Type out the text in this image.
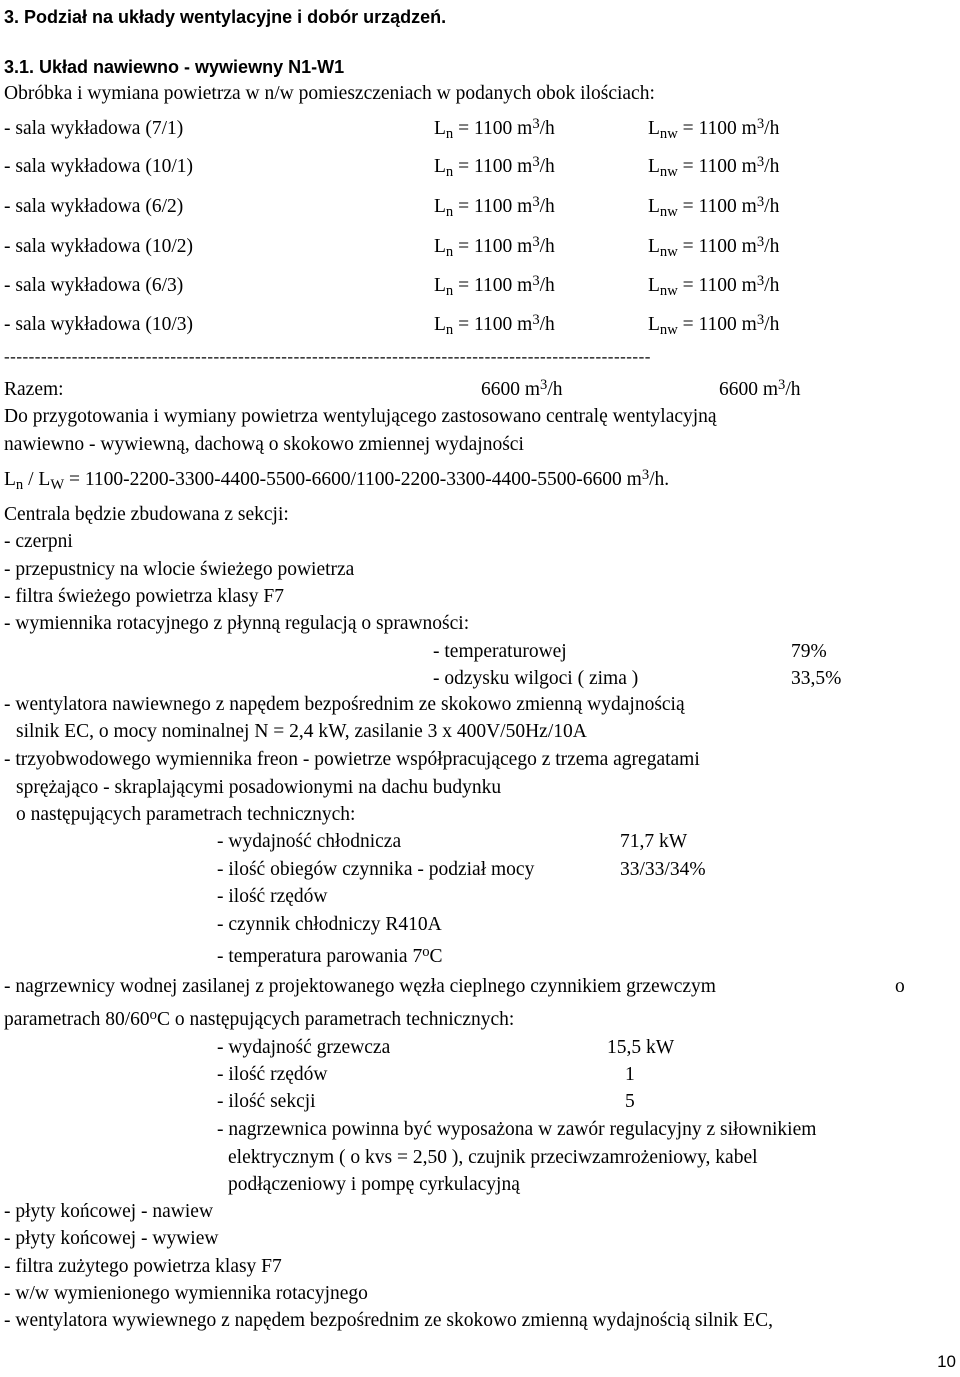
3. Podział na układy wentylacyjne i dobór urządzeń.
3.1. Układ nawiewno - wywiewny N1-W1
Obróbka i wymiana powietrza w n/w pomieszczeniach w podanych obok ilościach:
- sala wykładowa (7/1)	$L_n = 1100$ $m^3/h$	$L_{nw} = 1100$ $m^3/h$
- sala wykładowa (10/1)	$L_n = 1100$ $m^3/h$	$L_{nw} = 1100$ $m^3/h$
- sala wykładowa (6/2)	$L_n = 1100$ $m^3/h$	$L_{nw} = 1100$ $m^3/h$
- sala wykładowa (10/2)	$L_n = 1100$ $m^3/h$	$L_{nw} = 1100$ $m^3/h$
- sala wykładowa (6/3)	$L_n = 1100$ $m^3/h$	$L_{nw} = 1100$ $m^3/h$
- sala wykładowa (10/3)	$L_n = 1100$ $m^3/h$	$L_{nw} = 1100$ $m^3/h$
---------------------------------------------------------------------------------------------------------
Razem:	6600 $m^3/h$	6600 $m^3/h$
Do przygotowania i wymiany powietrza wentylującego zastosowano centralę wentylacyjną
nawiewno - wywiewną, dachową o skokowo zmiennej wydajności
$L_n / L_W = 1100-2200-3300-4400-5500-6600/1100-2200-3300-4400-5500-6600$ $m^3/h$.
Centrala będzie zbudowana z sekcji:
- czerpni
- przepustnicy na wlocie świeżego powietrza
- filtra świeżego powietrza klasy F7
- wymiennika rotacyjnego z płynną regulacją o sprawności:
- temperaturowej	79%
- odzysku wilgoci ( zima )	33,5%
- wentylatora nawiewnego z napędem bezpośrednim ze skokowo zmienną wydajnością
silnik EC, o mocy nominalnej N = 2,4 kW, zasilanie 3 x 400V/50Hz/10A
- trzyobwodowego wymiennika freon - powietrze współpracującego z trzema agregatami
sprężająco - skraplającymi posadowionymi na dachu budynku
o następujących parametrach technicznych:
- wydajność chłodnicza	71,7 kW
- ilość obiegów czynnika - podział mocy	33/33/34%
- ilość rzędów
- czynnik chłodniczy R410A
- temperatura parowania 7$^o$C
- nagrzewnicy wodnej zasilanej z projektowanego węzła cieplnego czynnikiem grzewczym	o
parametrach 80/60$^o$C o następujących parametrach technicznych:
- wydajność grzewcza	15,5 kW
- ilość rzędów	1
- ilość sekcji	5
- nagrzewnica powinna być wyposażona w zawór regulacyjny z siłownikiem
elektrycznym ( o kvs = 2,50 ), czujnik przeciwzamrożeniowy, kabel
podłączeniowy i pompę cyrkulacyjną
- płyty końcowej - nawiew
- płyty końcowej - wywiew
- filtra zużytego powietrza klasy F7
- w/w wymienionego wymiennika rotacyjnego
- wentylatora wywiewnego z napędem bezpośrednim ze skokowo zmienną wydajnością silnik EC,
10
